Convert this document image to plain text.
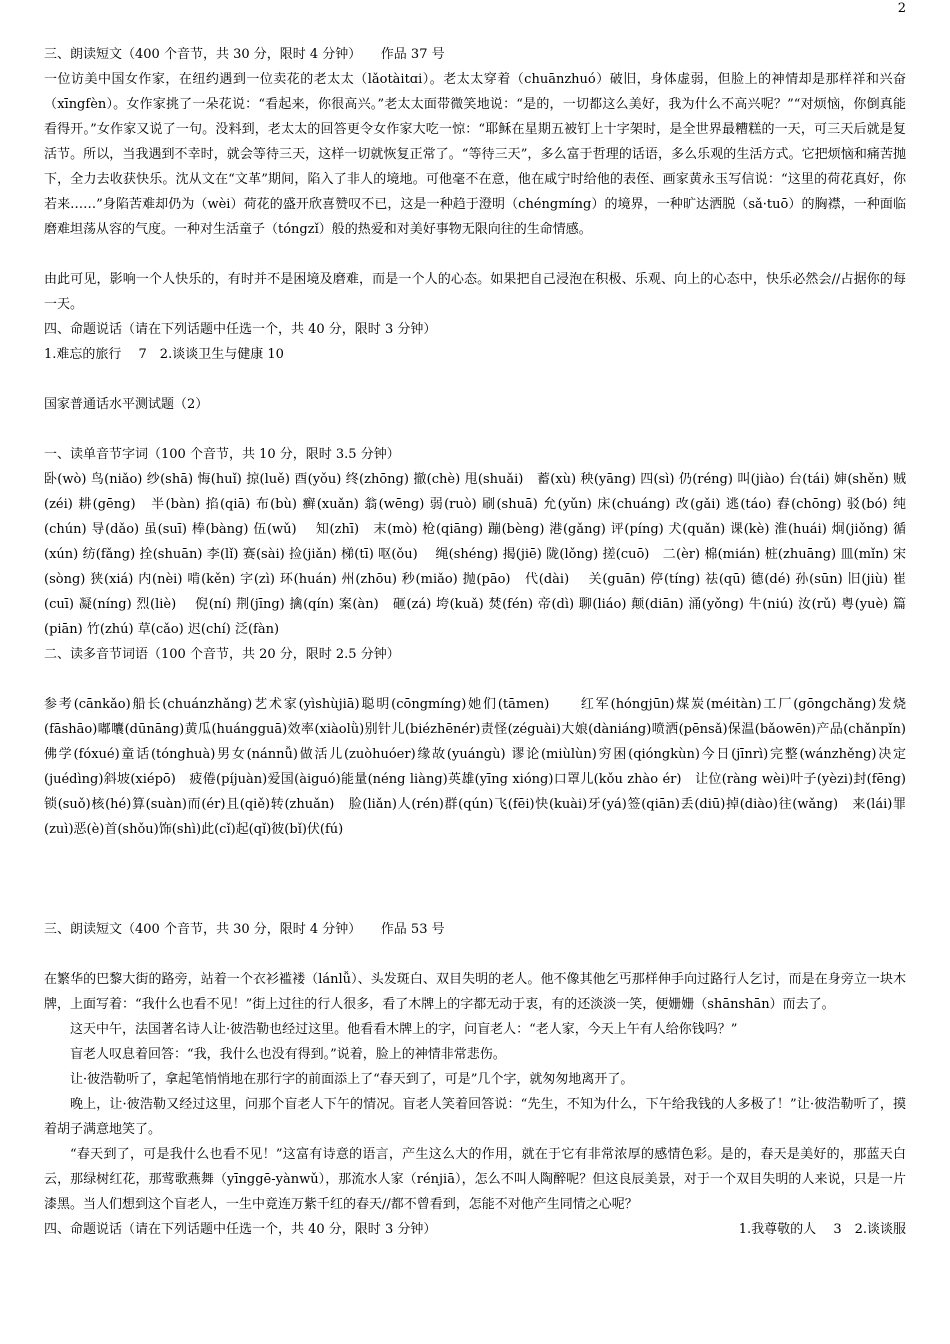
2

三、朗读短文（400 个音节，共 30 分，限时 4 分钟）　　作品 37 号

一位访美中国女作家，在纽约遇到一位卖花的老太太（lǎotàitɑi）。老太太穿着（chuānzhuó）破旧，身体虚弱，但脸上的神情却是那样祥和兴奋（xīngfèn）。女作家挑了一朵花说：“看起来，你很高兴。”老太太面带微笑地说：“是的，一切都这么美好，我为什么不高兴呢？”“对烦恼，你倒真能看得开。”女作家又说了一句。没料到，老太太的回答更令女作家大吃一惊：“耶稣在星期五被钉上十字架时，是全世界最糟糕的一天，可三天后就是复活节。所以，当我遇到不幸时，就会等待三天，这样一切就恢复正常了。“等待三天”，多么富于哲理的话语，多么乐观的生活方式。它把烦恼和痛苦抛下，全力去收获快乐。沈从文在“文革”期间，陷入了非人的境地。可他毫不在意，他在咸宁时给他的表侄、画家黄永玉写信说：“这里的荷花真好，你若来……”身陷苦难却仍为（wèi）荷花的盛开欣喜赞叹不已，这是一种趋于澄明（chéngmíng）的境界，一种旷达洒脱（sǎ·tuō）的胸襟，一种面临磨难坦荡从容的气度。一种对生活童子（tóngzǐ）般的热爱和对美好事物无限向往的生命情感。

由此可见，影响一个人快乐的，有时并不是困境及磨难，而是一个人的心态。如果把自己浸泡在积极、乐观、向上的心态中，快乐必然会//占据你的每一天。

四、命题说话（请在下列话题中任选一个，共 40 分，限时 3 分钟）

1.难忘的旅行　 7　2.谈谈卫生与健康 10

国家普通话水平测试题（2）

一、读单音节字词（100 个音节，共 10 分，限时 3.5 分钟）

卧(wò) 鸟(niǎo) 纱(shā) 悔(huǐ) 掠(luě) 酉(yǒu) 终(zhōng) 撤(chè) 甩(shuǎi)　蓄(xù) 秧(yāng) 四(sì) 仍(réng) 叫(jiào) 台(tái) 婶(shěn) 贼(zéi) 耕(gēng)　半(bàn) 掐(qiā) 布(bù) 癣(xuǎn) 翁(wēng) 弱(ruò) 刷(shuā) 允(yǔn) 床(chuáng) 改(gǎi) 逃(táo) 舂(chōng) 驳(bó) 纯(chún) 导(dǎo) 虽(suī) 棒(bàng) 伍(wǔ)　 知(zhī)　末(mò) 枪(qiāng) 蹦(bèng) 港(gǎng) 评(píng) 犬(quǎn) 课(kè) 淮(huái) 炯(jiǒng) 循(xún) 纺(fǎng) 拴(shuān) 李(lǐ) 赛(sài) 捡(jiǎn) 梯(tī) 呕(ǒu)　 绳(shéng) 揭(jiē) 陇(lǒng) 搓(cuō)　二(èr) 棉(mián) 桩(zhuāng) 皿(mǐn) 宋(sòng) 狭(xiá) 内(nèi) 啃(kěn) 字(zì) 环(huán) 州(zhōu) 秒(miǎo) 抛(pāo)　代(dài)　 关(guān) 停(tíng) 祛(qū) 德(dé) 孙(sūn) 旧(jiù) 崔(cuī) 凝(níng) 烈(liè)　 倪(ní) 荆(jīng) 擒(qín) 案(àn)　砸(zá) 垮(kuǎ) 焚(fén) 帝(dì) 聊(liáo) 颠(diān) 涌(yǒng) 牛(niú) 汝(rǔ) 粤(yuè) 篇(piān) 竹(zhú) 草(cǎo) 迟(chí) 泛(fàn)

二、读多音节词语（100 个音节，共 20 分，限时 2.5 分钟）

参考(cānkǎo)船长(chuánzhǎng)艺术家(yìshùjiā)聪明(cōngmíng)她们(tāmen)　　红军(hóngjūn)煤炭(méitàn)工厂(gōngchǎng)发烧(fāshāo)嘟囔(dūnāng)黄瓜(huángguā)效率(xiàolǜ)别针儿(biézhēnér)责怪(zéguài)大娘(dàniáng)喷洒(pēnsǎ)保温(bǎowēn)产品(chǎnpǐn)佛学(fóxué)童话(tónghuà)男女(nánnǚ)做活儿(zuòhuóer)缘故(yuángù) 谬论(miùlùn)穷困(qióngkùn)今日(jīnrì)完整(wánzhěng)决定(juédìng)斜坡(xiépō)　疲倦(píjuàn)爱国(àiguó)能量(néng liàng)英雄(yīng xióng)口罩儿(kǒu zhào ér)　让位(ràng wèi)叶子(yèzi)封(fēng)锁(suǒ)核(hé)算(suàn)而(ér)且(qiě)转(zhuǎn)　脸(liǎn)人(rén)群(qún)飞(fēi)快(kuài)牙(yá)签(qiān)丢(diū)掉(diào)往(wǎng)　来(lái)罪(zuì)恶(è)首(shǒu)饰(shì)此(cǐ)起(qǐ)彼(bǐ)伏(fú)

三、朗读短文（400 个音节，共 30 分，限时 4 分钟）　　作品 53 号

在繁华的巴黎大街的路旁，站着一个衣衫褴褛（lánlǚ）、头发斑白、双目失明的老人。他不像其他乞丐那样伸手向过路行人乞讨，而是在身旁立一块木牌，上面写着：“我什么也看不见！”街上过往的行人很多，看了木牌上的字都无动于衷，有的还淡淡一笑，便姗姗（shānshān）而去了。

这天中午，法国著名诗人让·彼浩勒也经过这里。他看看木牌上的字，问盲老人：“老人家，今天上午有人给你钱吗？”

盲老人叹息着回答：“我，我什么也没有得到。”说着，脸上的神情非常悲伤。

让·彼浩勒听了，拿起笔悄悄地在那行字的前面添上了“春天到了，可是”几个字，就匆匆地离开了。

晚上，让·彼浩勒又经过这里，问那个盲老人下午的情况。盲老人笑着回答说：“先生，不知为什么，下午给我钱的人多极了！”让·彼浩勒听了，摸着胡子满意地笑了。

“春天到了，可是我什么也看不见！”这富有诗意的语言，产生这么大的作用，就在于它有非常浓厚的感情色彩。是的，春天是美好的，那蓝天白云，那绿树红花，那莺歌燕舞（yīnggē-yànwǔ），那流水人家（rénjiā），怎么不叫人陶醉呢？但这良辰美景，对于一个双目失明的人来说，只是一片漆黑。当人们想到这个盲老人，一生中竟连万紫千红的春天//都不曾看到，怎能不对他产生同情之心呢？

四、命题说话（请在下列话题中任选一个，共 40 分，限时 3 分钟）	1.我尊敬的人　 3　2.谈谈服
